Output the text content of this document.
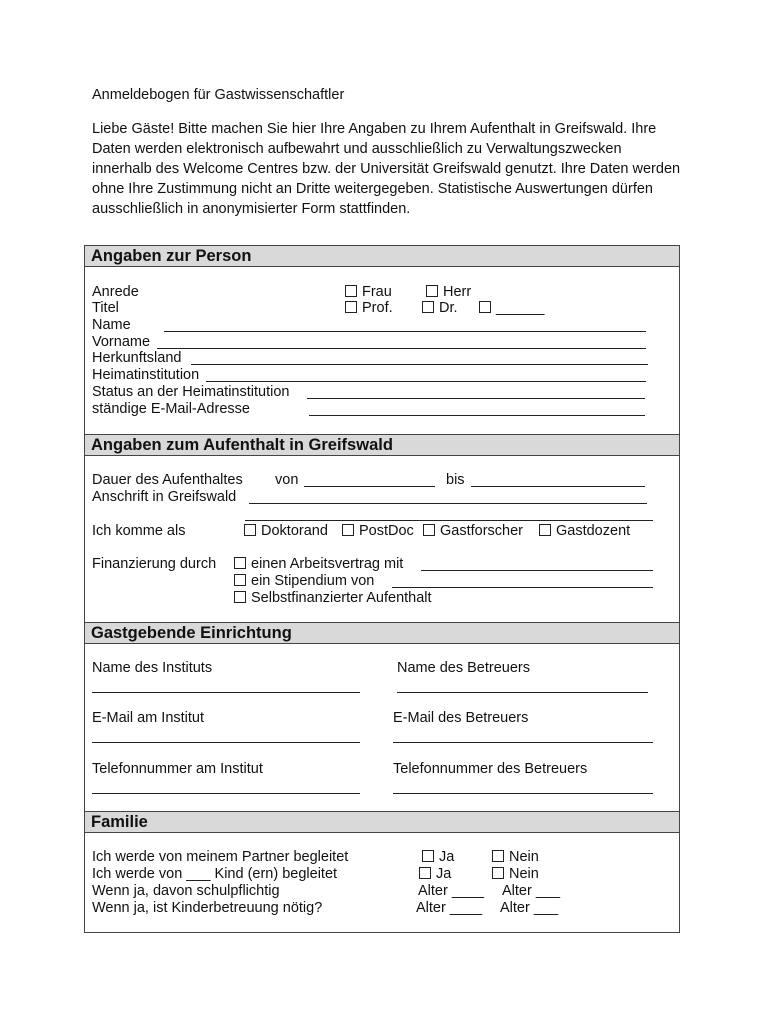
Anmeldebogen für Gastwissenschaftler
Liebe Gäste! Bitte machen Sie hier Ihre Angaben zu Ihrem Aufenthalt in Greifswald. Ihre Daten werden elektronisch aufbewahrt und ausschließlich zu Verwaltungszwecken innerhalb des Welcome Centres bzw. der Universität Greifswald genutzt. Ihre Daten werden ohne Ihre Zustimmung nicht an Dritte weitergegeben. Statistische Auswertungen dürfen ausschließlich in anonymisierter Form stattfinden.
Angaben zur Person
Anrede	Frau	Herr
Titel	Prof.	Dr.	______
Name
Vorname
Herkunftsland
Heimatinstitution
Status an der Heimatinstitution
ständige E-Mail-Adresse
Angaben zum Aufenthalt in Greifswald
Dauer des Aufenthaltes von	bis
Anschrift in Greifswald
Ich komme als	Doktorand	PostDoc	Gastforscher	Gastdozent
Finanzierung durch	einen Arbeitsvertrag mit
ein Stipendium von
Selbstfinanzierter Aufenthalt
Gastgebende Einrichtung
Name des Instituts	Name des Betreuers
E-Mail am Institut	E-Mail des Betreuers
Telefonnummer am Institut	Telefonnummer des Betreuers
Familie
Ich werde von meinem Partner begleitet	Ja	Nein
Ich werde von ___ Kind (ern) begleitet	Ja	Nein
Wenn ja, davon schulpflichtig	Alter ____ Alter ___
Wenn ja, ist Kinderbetreuung nötig?	Alter ____ Alter ___
